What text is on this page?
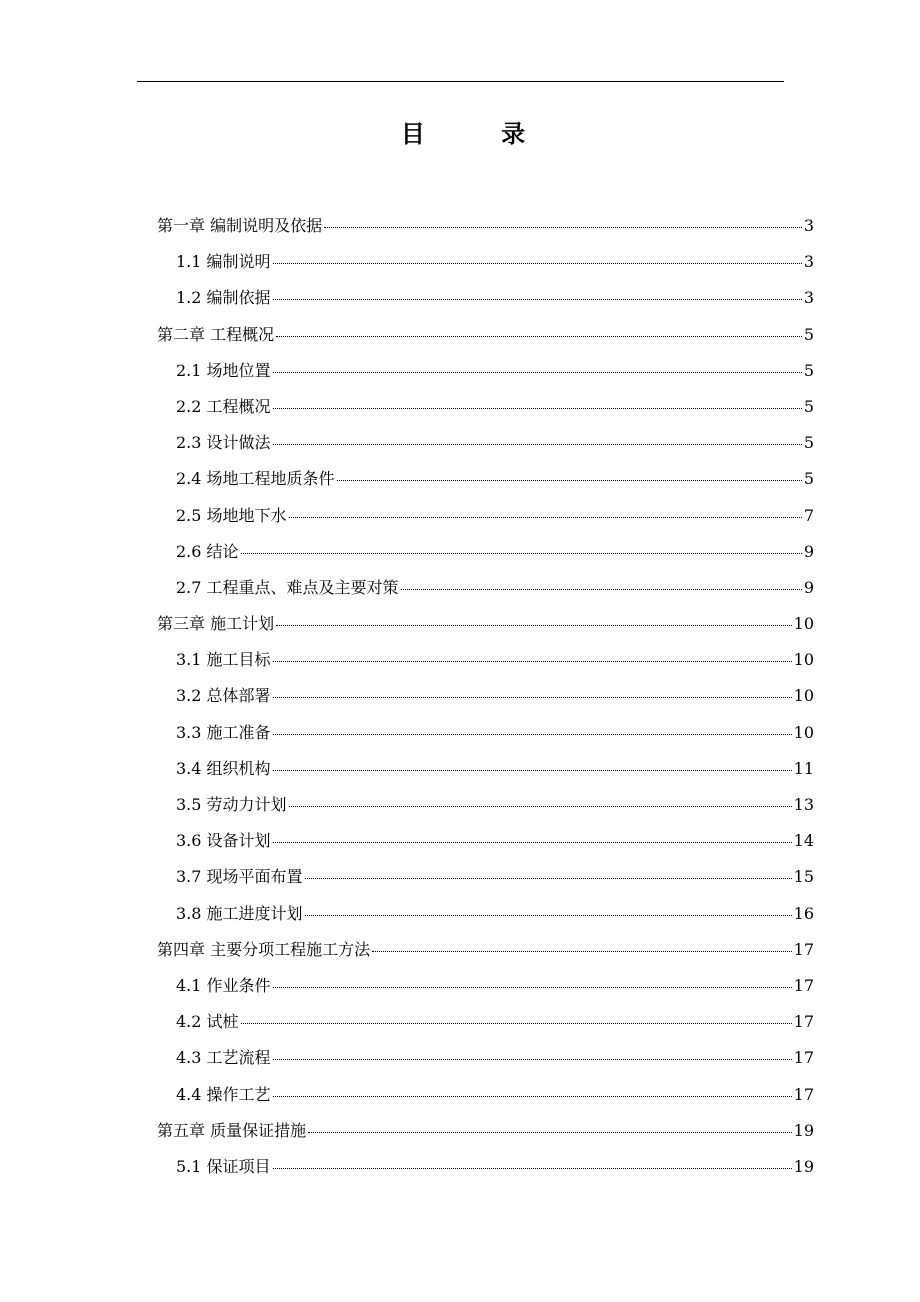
目 录
第一章 编制说明及依据	3
1.1 编制说明	3
1.2 编制依据	3
第二章 工程概况	5
2.1 场地位置	5
2.2 工程概况	5
2.3 设计做法	5
2.4 场地工程地质条件	5
2.5 场地地下水	7
2.6 结论	9
2.7 工程重点、难点及主要对策	9
第三章 施工计划	10
3.1 施工目标	10
3.2 总体部署	10
3.3 施工准备	10
3.4 组织机构	11
3.5 劳动力计划	13
3.6 设备计划	14
3.7 现场平面布置	15
3.8 施工进度计划	16
第四章 主要分项工程施工方法	17
4.1 作业条件	17
4.2 试桩	17
4.3 工艺流程	17
4.4 操作工艺	17
第五章 质量保证措施	19
5.1 保证项目	19
